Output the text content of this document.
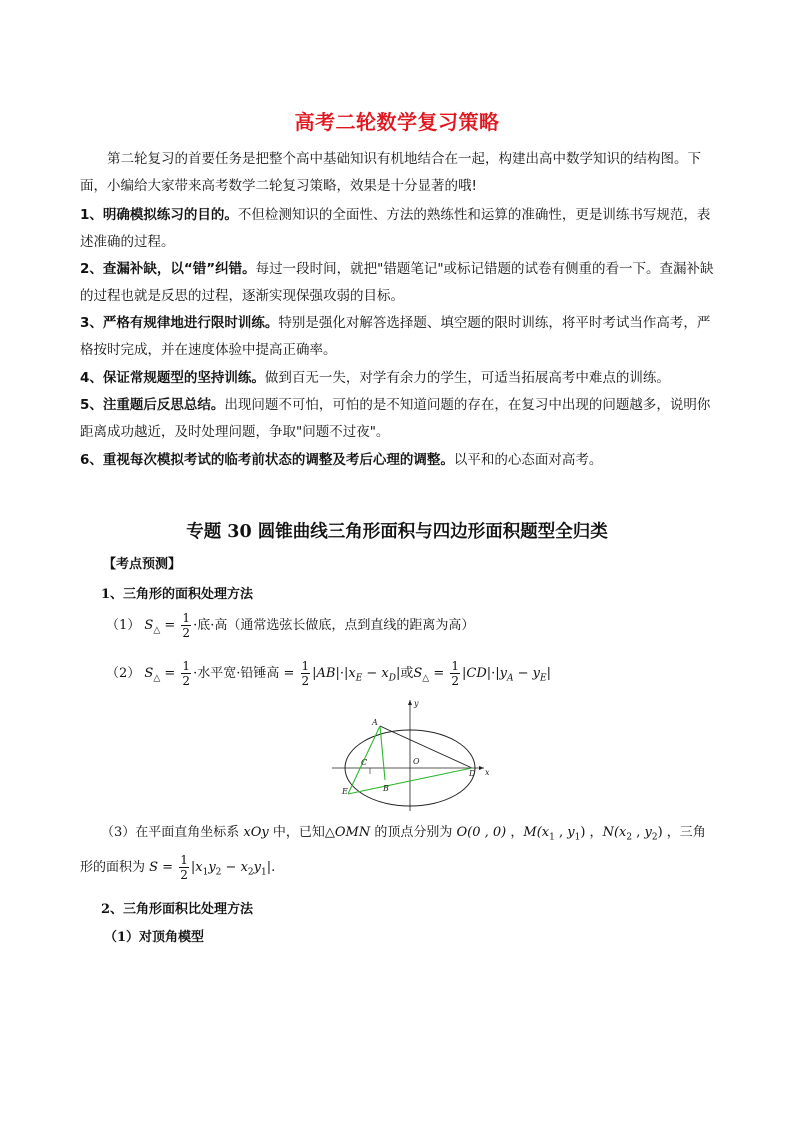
高考二轮数学复习策略
第二轮复习的首要任务是把整个高中基础知识有机地结合在一起，构建出高中数学知识的结构图。下
面，小编给大家带来高考数学二轮复习策略，效果是十分显著的哦!
1、明确模拟练习的目的。不但检测知识的全面性、方法的熟练性和运算的准确性，更是训练书写规范，表
述准确的过程。
2、查漏补缺，以“错”纠错。每过一段时间，就把"错题笔记"或标记错题的试卷有侧重的看一下。查漏补缺
的过程也就是反思的过程，逐渐实现保强攻弱的目标。
3、严格有规律地进行限时训练。特别是强化对解答选择题、填空题的限时训练，将平时考试当作高考，严
格按时完成，并在速度体验中提高正确率。
4、保证常规题型的坚持训练。做到百无一失，对学有余力的学生，可适当拓展高考中难点的训练。
5、注重题后反思总结。出现问题不可怕，可怕的是不知道问题的存在，在复习中出现的问题越多，说明你
距离成功越近，及时处理问题，争取"问题不过夜"。
6、重视每次模拟考试的临考前状态的调整及考后心理的调整。以平和的心态面对高考。
专题 30 圆锥曲线三角形面积与四边形面积题型全归类
【考点预测】
1、三角形的面积处理方法
（1） $S_\triangle = \frac{1}{2}$ ·底·高（通常选弦长做底，点到直线的距离为高）
（2） $S_\triangle = \frac{1}{2}$ ·水平宽·铅锤高 = $\frac{1}{2} |AB|\cdot|x_E - x_D|$或$S_\triangle = \frac{1}{2} |CD|\cdot|y_A - y_E|$
A
B
C
D
E
O
x
y
（3）在平面直角坐标系 xOy 中，已知△OMN 的顶点分别为 O(0 , 0) ，$M(x_1$ , $y_1$) ，$N(x_2$ , $y_2$) ，三角
形的面积为 $S = \frac{1}{2} |x_1y_2 - x_2y_1|$.
2、三角形面积比处理方法
（1）对顶角模型
